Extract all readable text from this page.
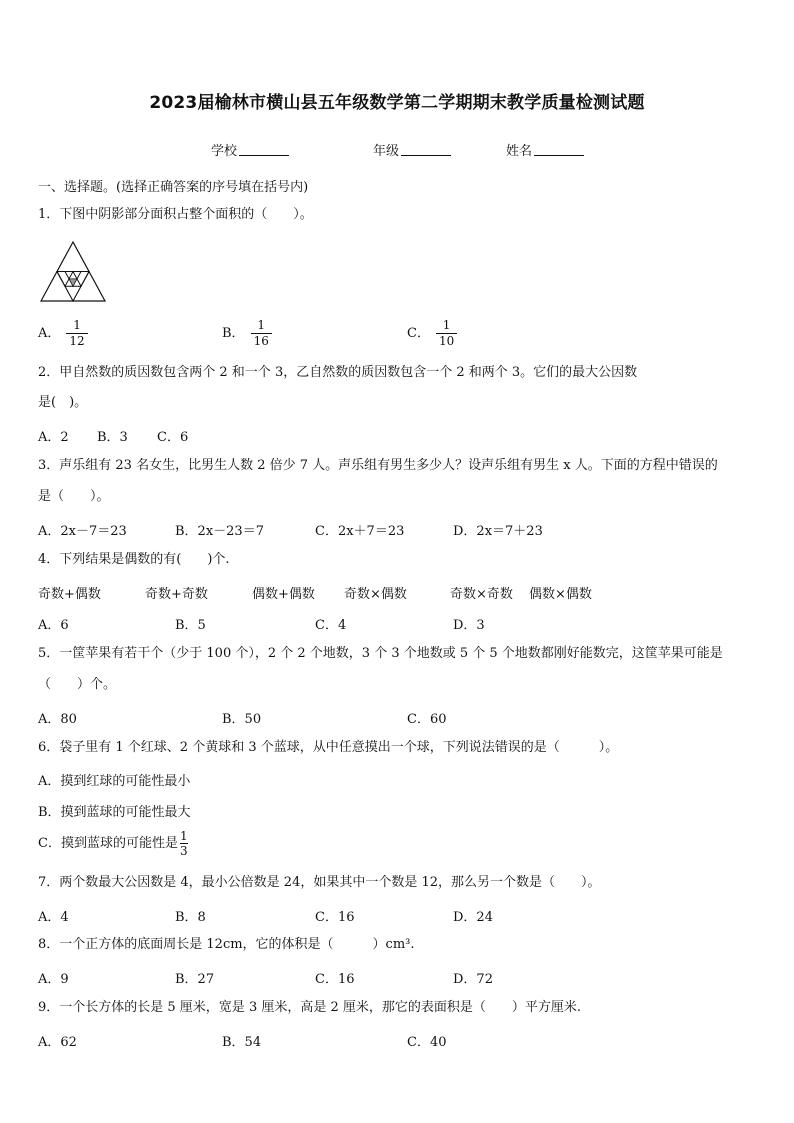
2023届榆林市横山县五年级数学第二学期期末教学质量检测试题
学校	年级	姓名
一、选择题。(选择正确答案的序号填在括号内)
1．下图中阴影部分面积占整个面积的（　　）。
A． $\frac{1}{12}$	B． $\frac{1}{16}$	C． $\frac{1}{10}$
2．甲自然数的质因数包含两个 2 和一个 3，乙自然数的质因数包含一个 2 和两个 3。它们的最大公因数
是(　)。
A．2 B．3 C．6
3．声乐组有 23 名女生，比男生人数 2 倍少 7 人。声乐组有男生多少人？设声乐组有男生 x 人。下面的方程中错误的
是（　　）。
A．2x－7＝23	B．2x－23＝7	C．2x＋7＝23	D．2x＝7＋23
4．下列结果是偶数的有(　　)个.
奇数+偶数	奇数+奇数	偶数+偶数 奇数×偶数	奇数×奇数 偶数×偶数
A．6	B．5	C．4	D．3
5．一筐苹果有若干个（少于 100 个），2 个 2 个地数，3 个 3 个地数或 5 个 5 个地数都刚好能数完，这筐苹果可能是
（　　）个。
A．80	B．50	C．60
6．袋子里有 1 个红球、2 个黄球和 3 个蓝球，从中任意摸出一个球，下列说法错误的是（　　　）。
A．摸到红球的可能性最小
B．摸到蓝球的可能性最大
C．摸到蓝球的可能性是 $\frac{1}{3}$
7．两个数最大公因数是 4，最小公倍数是 24，如果其中一个数是 12，那么另一个数是（　　）。
A．4	B．8	C．16	D．24
8．一个正方体的底面周长是 12cm，它的体积是（　　　）cm³.
A．9	B．27	C．16	D．72
9．一个长方体的长是 5 厘米，宽是 3 厘米，高是 2 厘米，那它的表面积是（　　）平方厘米.
A．62	B．54	C．40
